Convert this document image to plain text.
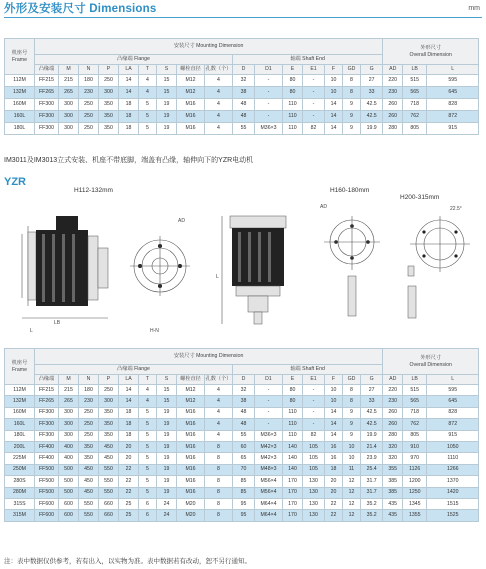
外形及安装尺寸 Dimensions	mm
机座号
Frame	安装尺寸 Mounting Dimension																外形尺寸
Overall Dimension		
	凸缘端 Flange									轴端 Shaft End									
	凸缘端	M	N	P	LA	T	S	螺栓直径	孔数（个）	D	D1	E	E1	F	GD	G	AD	LB	L
112M	FF215	215	180	250	14	4	15	M12	4	32	-	80	-	10	8	27	220	515	595
132M	FF265	265	230	300	14	4	15	M12	4	38	-	80	-	10	8	33	230	565	645
160M	FF300	300	250	350	18	5	19	M16	4	48	-	110	-	14	9	42.5	260	718	828
160L	FF300	300	250	350	18	5	19	M16	4	48	-	110	-	14	9	42.5	260	762	872
180L	FF300	300	250	350	18	5	19	M16	4	55	M36×3	110	82	14	9	19.9	280	805	915
IM3011及IM3013立式安装、机座不带底脚，端盖有凸缘，轴伸向下的YZR电动机
YZR
H112-132mm	H160-180mm
H200-315mm
LB
L
AD
H-N
L
AD	22.5°
机座号
Frame	安装尺寸 Mounting Dimension																外形尺寸
Overall Dimension		
	凸缘端 Flange									轴端 Shaft End									
	凸缘端	M	N	P	LA	T	S	螺栓直径	孔数（个）	D	D1	E	E1	F	GD	G	AD	LB	L
112M	FF215	215	180	250	14	4	15	M12	4	32	-	80	-	10	8	27	220	515	595
132M	FF265	265	230	300	14	4	15	M12	4	38	-	80	-	10	8	33	230	565	645
160M	FF300	300	250	350	18	5	19	M16	4	48	-	110	-	14	9	42.5	260	718	828
160L	FF300	300	250	350	18	5	19	M16	4	48	-	110	-	14	9	42.5	260	762	872
180L	FF300	300	250	350	18	5	19	M16	4	55	M36×3	110	82	14	9	19.9	280	805	915
200L	FF400	400	350	450	20	5	19	M16	8	60	M42×3	140	105	16	10	21.4	320	910	1050
225M	FF400	400	350	450	20	5	19	M16	8	65	M42×3	140	105	16	10	23.9	320	970	1110
250M	FF500	500	450	550	22	5	19	M16	8	70	M48×3	140	105	18	11	25.4	355	1126	1266
280S	FF500	500	450	550	22	5	19	M16	8	85	M56×4	170	130	20	12	31.7	385	1200	1370
280M	FF500	500	450	550	22	5	19	M16	8	85	M56×4	170	130	20	12	31.7	385	1250	1420
315S	FF600	600	550	660	25	6	24	M20	8	95	M64×4	170	130	22	12	35.2	435	1345	1515
315M	FF600	600	550	660	25	6	24	M20	8	95	M64×4	170	130	22	12	35.2	435	1355	1525
注：表中数据仅供参考，若有出入，以实物为准。表中数据若有改动，恕不另行通知。
